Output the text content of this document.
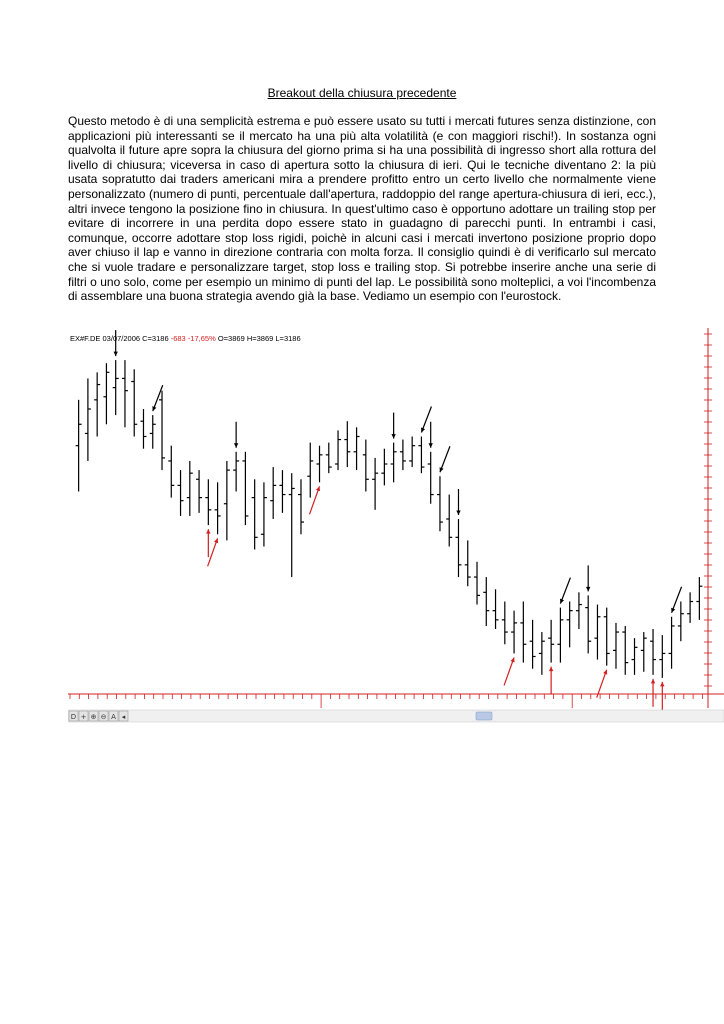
Breakout della chiusura precedente

Questo metodo è di una semplicità estrema e può essere usato su tutti i mercati futures senza distinzione, con applicazioni più interessanti se il mercato ha una più alta volatilità (e con maggiori rischi!). In sostanza ogni qualvolta il future apre sopra la chiusura del giorno prima si ha una possibilità di ingresso short alla rottura del livello di chiusura; viceversa in caso di apertura sotto la chiusura di ieri. Qui le tecniche diventano 2: la più usata sopratutto dai traders americani mira a prendere profitto entro un certo livello che normalmente viene personalizzato (numero di punti, percentuale dall'apertura, raddoppio del range apertura-chiusura di ieri, ecc.), altri invece tengono la posizione fino in chiusura. In quest'ultimo caso è opportuno adottare un trailing stop per evitare di incorrere in una perdita dopo essere stato in guadagno di parecchi punti. In entrambi i casi, comunque, occorre adottare stop loss rigidi, poichè in alcuni casi i mercati invertono posizione proprio dopo aver chiuso il lap e vanno in direzione contraria con molta forza. Il consiglio quindi è di verificarlo sul mercato che si vuole tradare e personalizzare target, stop loss e trailing stop. Si potrebbe inserire anche una serie di filtri o uno solo, come per esempio un minimo di punti del lap. Le possibilità sono molteplici, a voi l'incombenza di assemblare una buona strategia avendo già la base. Vediamo un esempio con l'eurostock.

EX#F.DE 03/07/2006 C=3186 -683 -17,65% O=3869 H=3869 L=3186
D + ⊕ ⊖ A ◂
